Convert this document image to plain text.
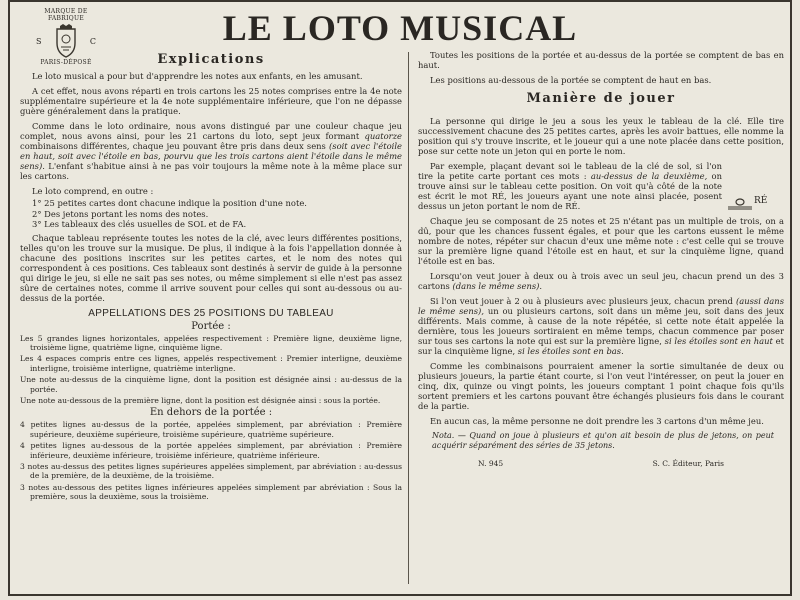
MARQUE DE FABRIQUE
S	C
PARIS-DÉPOSÉ
LE LOTO MUSICAL
Explications

Le loto musical a pour but d'apprendre les notes aux enfants, en les amusant.

A cet effet, nous avons réparti en trois cartons les 25 notes comprises entre la 4e note supplémentaire supérieure et la 4e note supplémentaire inférieure, que l'on ne dépasse guère généralement dans la pratique.

Comme dans le loto ordinaire, nous avons distingué par une couleur chaque jeu complet, nous avons ainsi, pour les 21 cartons du loto, sept jeux formant quatorze combinaisons différentes, chaque jeu pouvant être pris dans deux sens (soit avec l'étoile en haut, soit avec l'étoile en bas, pourvu que les trois cartons aient l'étoile dans le même sens). L'enfant s'habitue ainsi à ne pas voir toujours la même note à la même place sur les cartons.

Le loto comprend, en outre :

1° 25 petites cartes dont chacune indique la position d'une note.
2° Des jetons portant les noms des notes.
3° Les tableaux des clés usuelles de SOL et de FA.

Chaque tableau représente toutes les notes de la clé, avec leurs différentes positions, telles qu'on les trouve sur la musique. De plus, il indique à la fois l'appellation donnée à chacune des positions inscrites sur les petites cartes, et le nom des notes qui correspondent à ces positions. Ces tableaux sont destinés à servir de guide à la personne qui dirige le jeu, si elle ne sait pas ses notes, ou même simplement si elle n'est pas assez sûre de certaines notes, comme il arrive souvent pour celles qui sont au-dessous ou au-dessus de la portée.

APPELLATIONS DES 25 POSITIONS DU TABLEAU
Portée :
Les 5 grandes lignes horizontales, appelées respectivement : Première ligne, deuxième ligne, troisième ligne, quatrième ligne, cinquième ligne.
Les 4 espaces compris entre ces lignes, appelés respectivement : Premier interligne, deuxième interligne, troisième interligne, quatrième interligne.
Une note au-dessus de la cinquième ligne, dont la position est désignée ainsi : au-dessus de la portée.
Une note au-dessous de la première ligne, dont la position est désignée ainsi : sous la portée.
En dehors de la portée :
4 petites lignes au-dessus de la portée, appelées simplement, par abréviation : Première supérieure, deuxième supérieure, troisième supérieure, quatrième supérieure.
4 petites lignes au-dessous de la portée appelées simplement, par abréviation : Première inférieure, deuxième inférieure, troisième inférieure, quatrième inférieure.
3 notes au-dessus des petites lignes supérieures appelées simplement, par abréviation : au-dessus de la première, de la deuxième, de la troisième.
3 notes au-dessous des petites lignes inférieures appelées simplement par abréviation : Sous la première, sous la deuxième, sous la troisième.

Toutes les positions de la portée et au-dessus de la portée se comptent de bas en haut.

Les positions au-dessous de la portée se comptent de haut en bas.

Manière de jouer

La personne qui dirige le jeu a sous les yeux le tableau de la clé. Elle tire successivement chacune des 25 petites cartes, après les avoir battues, elle nomme la position qui s'y trouve inscrite, et le joueur qui a une note placée dans cette position, pose sur cette note un jeton qui en porte le nom.

Par exemple, plaçant devant soi le tableau de la clé de sol, si l'on tire la petite carte portant ces mots : au-dessus de la deuxième, on trouve ainsi sur le tableau cette position. On voit qu'à côté de la note est écrit le mot RÉ, les joueurs ayant une note ainsi placée, posent dessus un jeton portant le nom de RÉ.

Chaque jeu se composant de 25 notes et 25 n'étant pas un multiple de trois, on a dû, pour que les chances fussent égales, et pour que les cartons eussent le même nombre de notes, répéter sur chacun d'eux une même note : c'est celle qui se trouve sur la première ligne quand l'étoile est en haut, et sur la cinquième ligne, quand l'étoile est en bas.

Lorsqu'on veut jouer à deux ou à trois avec un seul jeu, chacun prend un des 3 cartons (dans le même sens).

Si l'on veut jouer à 2 ou à plusieurs avec plusieurs jeux, chacun prend (aussi dans le même sens), un ou plusieurs cartons, soit dans un même jeu, soit dans des jeux différents. Mais comme, à cause de la note répétée, si cette note était appelée la dernière, tous les joueurs sortiraient en même temps, chacun commence par poser sur tous ses cartons la note qui est sur la première ligne, si les étoiles sont en haut et sur la cinquième ligne, si les étoiles sont en bas.

Comme les combinaisons pourraient amener la sortie simultanée de deux ou plusieurs joueurs, la partie étant courte, si l'on veut l'intéresser, on peut la jouer en cinq, dix, quinze ou vingt points, les joueurs comptant 1 point chaque fois qu'ils sortent premiers et les cartons pouvant être échangés plusieurs fois dans le courant de la partie.

En aucun cas, la même personne ne doit prendre les 3 cartons d'un même jeu.

Nota. — Quand on joue à plusieurs et qu'on ait besoin de plus de jetons, on peut acquérir séparément des séries de 35 jetons.
N. 945	S. C. Éditeur, Paris
RÉ
